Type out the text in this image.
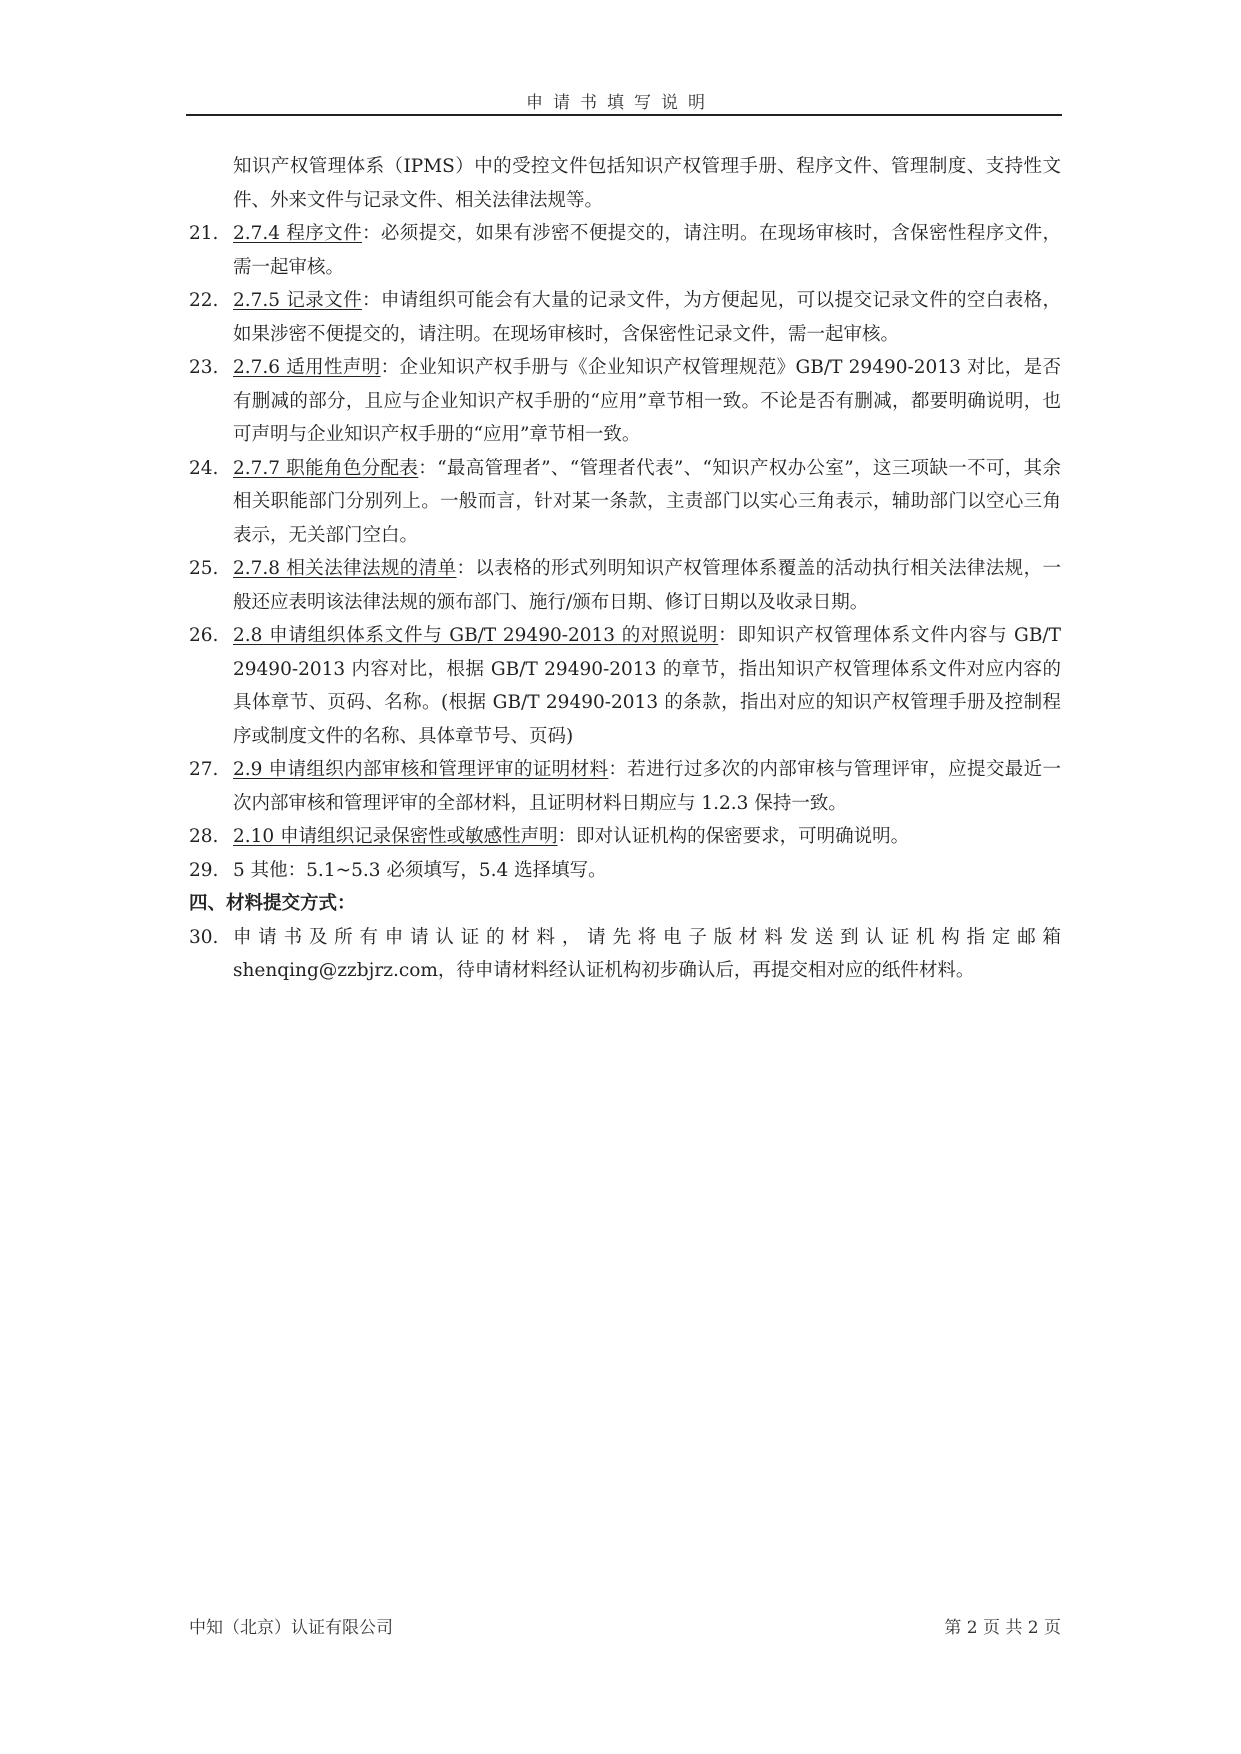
申请书填写说明
知识产权管理体系（IPMS）中的受控文件包括知识产权管理手册、程序文件、管理制度、支持性文件、外来文件与记录文件、相关法律法规等。
21. 2.7.4 程序文件：必须提交，如果有涉密不便提交的，请注明。在现场审核时，含保密性程序文件，需一起审核。
22. 2.7.5 记录文件：申请组织可能会有大量的记录文件，为方便起见，可以提交记录文件的空白表格，如果涉密不便提交的，请注明。在现场审核时，含保密性记录文件，需一起审核。
23. 2.7.6 适用性声明：企业知识产权手册与《企业知识产权管理规范》GB/T 29490-2013 对比，是否有删减的部分，且应与企业知识产权手册的“应用”章节相一致。不论是否有删减，都要明确说明，也可声明与企业知识产权手册的“应用”章节相一致。
24. 2.7.7 职能角色分配表：“最高管理者”、“管理者代表”、“知识产权办公室”，这三项缺一不可，其余相关职能部门分别列上。一般而言，针对某一条款，主责部门以实心三角表示，辅助部门以空心三角表示，无关部门空白。
25. 2.7.8 相关法律法规的清单：以表格的形式列明知识产权管理体系覆盖的活动执行相关法律法规，一般还应表明该法律法规的颁布部门、施行/颁布日期、修订日期以及收录日期。
26. 2.8 申请组织体系文件与 GB/T 29490-2013 的对照说明：即知识产权管理体系文件内容与 GB/T 29490-2013 内容对比，根据 GB/T 29490-2013 的章节，指出知识产权管理体系文件对应内容的具体章节、页码、名称。(根据 GB/T 29490-2013 的条款，指出对应的知识产权管理手册及控制程序或制度文件的名称、具体章节号、页码)
27. 2.9 申请组织内部审核和管理评审的证明材料：若进行过多次的内部审核与管理评审，应提交最近一次内部审核和管理评审的全部材料，且证明材料日期应与 1.2.3 保持一致。
28. 2.10 申请组织记录保密性或敏感性声明：即对认证机构的保密要求，可明确说明。
29. 5 其他：5.1~5.3 必须填写，5.4 选择填写。
四、材料提交方式：
30. 申请书及所有申请认证的材料，请先将电子版材料发送到认证机构指定邮箱 shenqing@zzbjrz.com，待申请材料经认证机构初步确认后，再提交相对应的纸件材料。
中知（北京）认证有限公司	第 2 页 共 2 页
